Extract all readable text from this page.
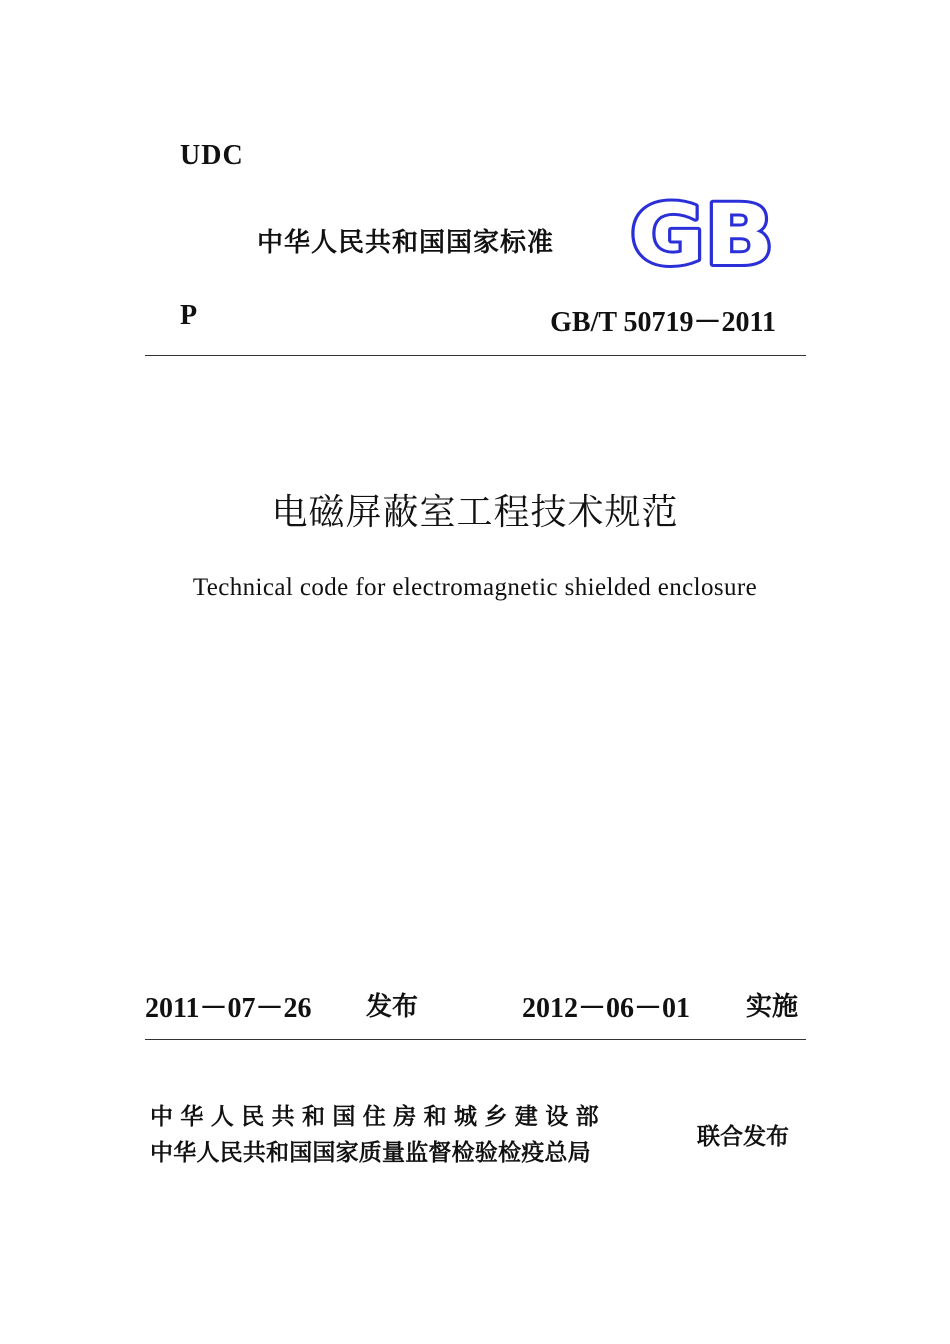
UDC
中华人民共和国国家标准 GB
P	GB/T 50719－2011
电磁屏蔽室工程技术规范
Technical code for electromagnetic shielded enclosure
2011－07－26 发布	2012－06－01 实施
中华人民共和国住房和城乡建设部
中华人民共和国国家质量监督检验检疫总局
联合发布
